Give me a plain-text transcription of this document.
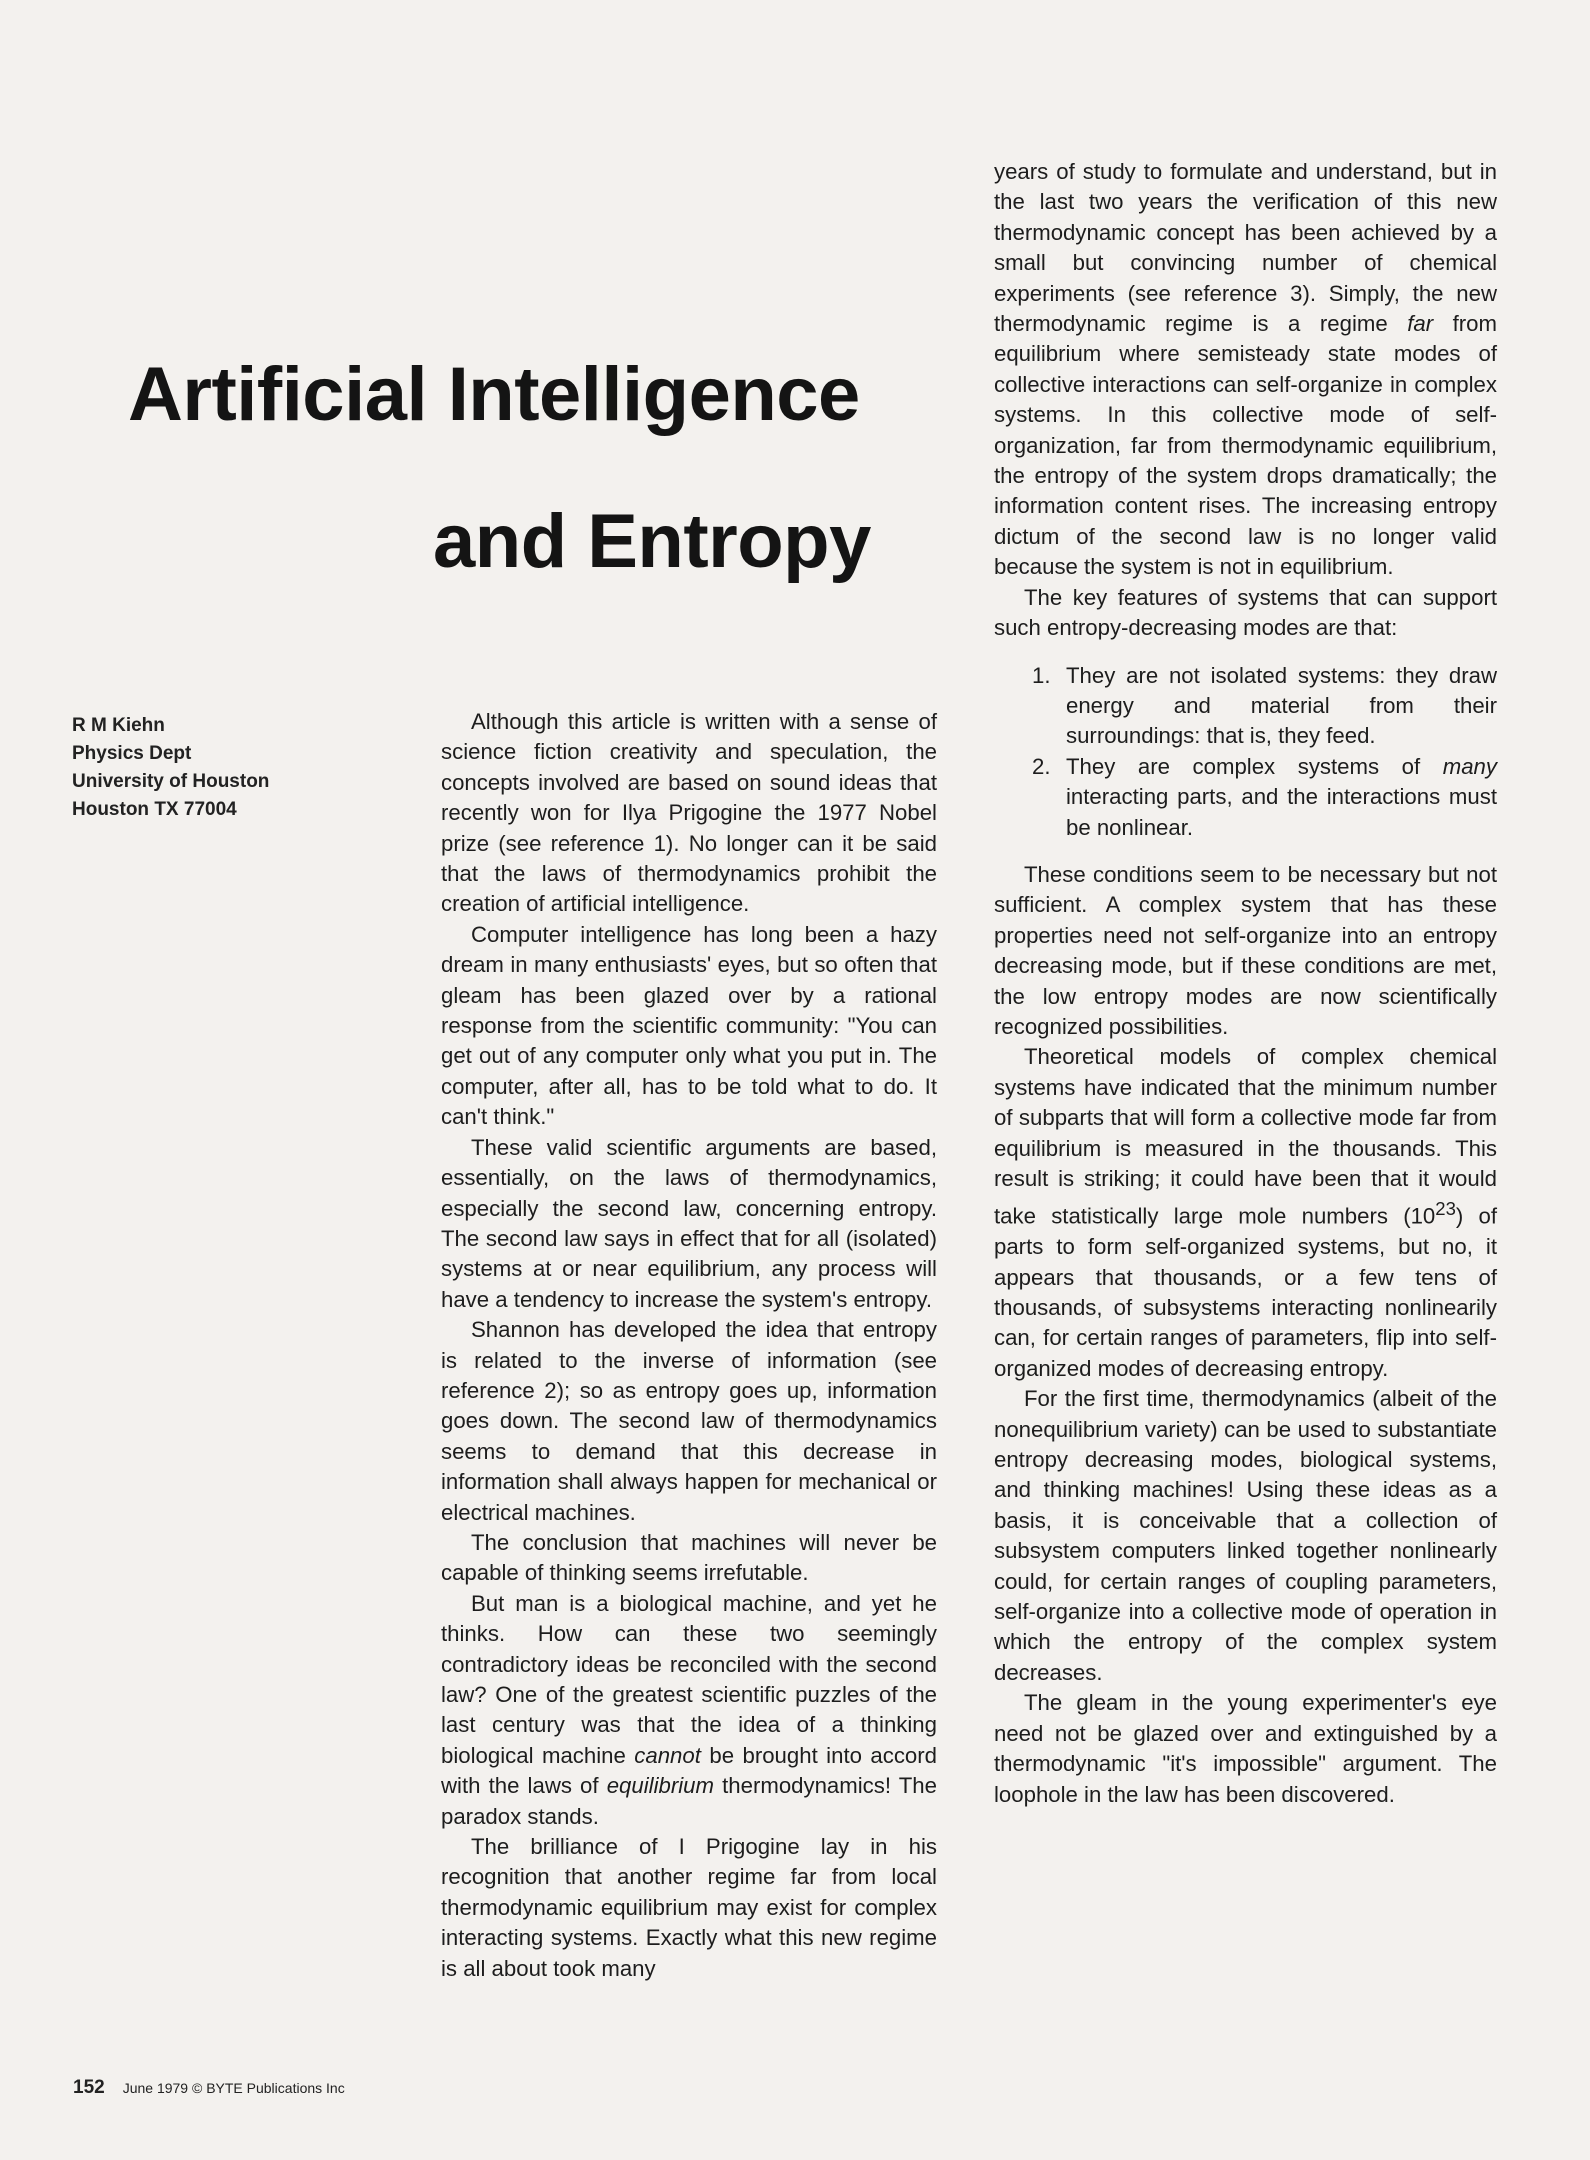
Artificial Intelligence
and Entropy
R M Kiehn
Physics Dept
University of Houston
Houston TX 77004

Although this article is written with a sense of science fiction creativity and speculation, the concepts involved are based on sound ideas that recently won for Ilya Prigogine the 1977 Nobel prize (see reference 1). No longer can it be said that the laws of thermodynamics prohibit the creation of artificial intelligence.

Computer intelligence has long been a hazy dream in many enthusiasts' eyes, but so often that gleam has been glazed over by a rational response from the scientific community: "You can get out of any computer only what you put in. The computer, after all, has to be told what to do. It can't think."

These valid scientific arguments are based, essentially, on the laws of thermodynamics, especially the second law, concerning entropy. The second law says in effect that for all (isolated) systems at or near equilibrium, any process will have a tendency to increase the system's entropy.

Shannon has developed the idea that entropy is related to the inverse of information (see reference 2); so as entropy goes up, information goes down. The second law of thermodynamics seems to demand that this decrease in information shall always happen for mechanical or electrical machines.

The conclusion that machines will never be capable of thinking seems irrefutable.

But man is a biological machine, and yet he thinks. How can these two seemingly contradictory ideas be reconciled with the second law? One of the greatest scientific puzzles of the last century was that the idea of a thinking biological machine cannot be brought into accord with the laws of equilibrium thermodynamics! The paradox stands.

The brilliance of I Prigogine lay in his recognition that another regime far from local thermodynamic equilibrium may exist for complex interacting systems. Exactly what this new regime is all about took many

years of study to formulate and understand, but in the last two years the verification of this new thermodynamic concept has been achieved by a small but convincing number of chemical experiments (see reference 3). Simply, the new thermodynamic regime is a regime far from equilibrium where semisteady state modes of collective interactions can self-organize in complex systems. In this collective mode of self-organization, far from thermodynamic equilibrium, the entropy of the system drops dramatically; the information content rises. The increasing entropy dictum of the second law is no longer valid because the system is not in equilibrium.

The key features of systems that can support such entropy-decreasing modes are that:

1. They are not isolated systems: they draw energy and material from their surroundings: that is, they feed.
2. They are complex systems of many interacting parts, and the interactions must be nonlinear.

These conditions seem to be necessary but not sufficient. A complex system that has these properties need not self-organize into an entropy decreasing mode, but if these conditions are met, the low entropy modes are now scientifically recognized possibilities.

Theoretical models of complex chemical systems have indicated that the minimum number of subparts that will form a collective mode far from equilibrium is measured in the thousands. This result is striking; it could have been that it would take statistically large mole numbers $(10^{23})$ of parts to form self-organized systems, but no, it appears that thousands, or a few tens of thousands, of subsystems interacting nonlinearily can, for certain ranges of parameters, flip into self-organized modes of decreasing entropy.

For the first time, thermodynamics (albeit of the nonequilibrium variety) can be used to substantiate entropy decreasing modes, biological systems, and thinking machines! Using these ideas as a basis, it is conceivable that a collection of subsystem computers linked together nonlinearly could, for certain ranges of coupling parameters, self-organize into a collective mode of operation in which the entropy of the complex system decreases.

The gleam in the young experimenter's eye need not be glazed over and extinguished by a thermodynamic "it's impossible" argument. The loophole in the law has been discovered.

152 June 1979 © BYTE Publications Inc
